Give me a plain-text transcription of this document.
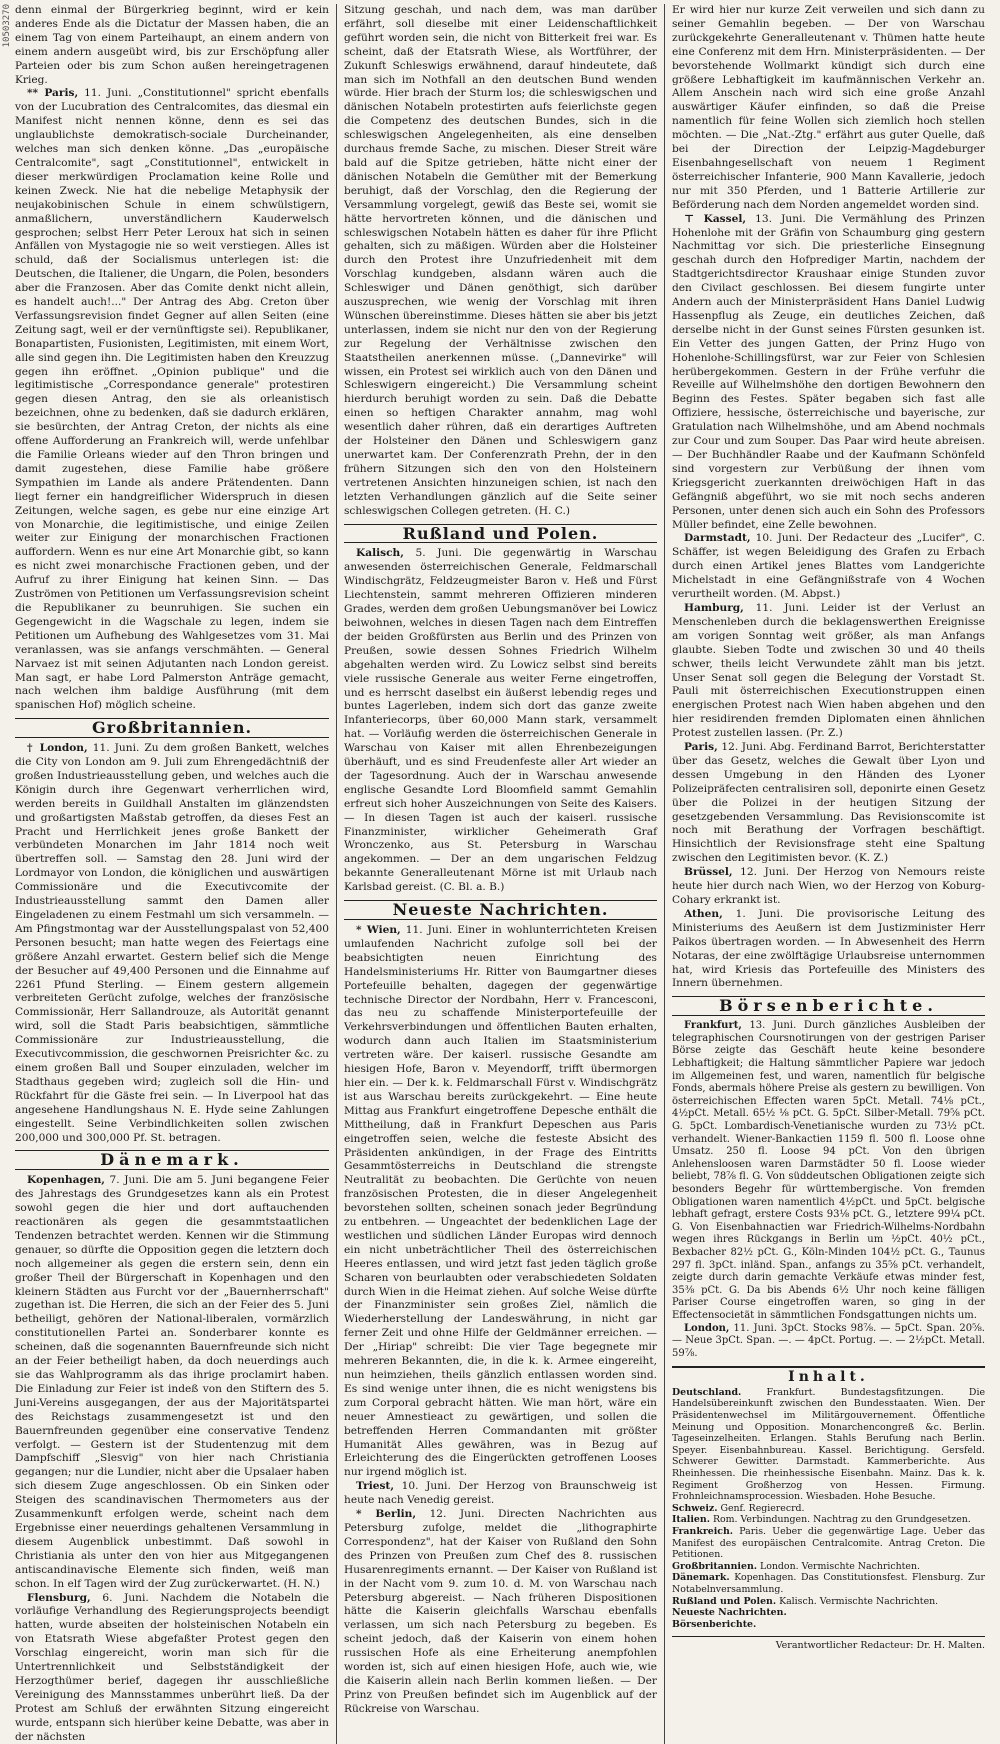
10503270 denn einmal der Bürgerkrieg beginnt, wird er kein anderes Ende als die Dictatur der Massen haben, die an einem Tag von einem Parteihaupt, an einem andern von einem andern ausgeübt wird, bis zur Erschöpfung aller Parteien oder bis zum Schon außen hereingetragenen Krieg.

** Paris, 11. Juni. „Constitutionnel" spricht ebenfalls von der Lucubration des Centralcomites, das diesmal ein Manifest nicht nennen könne, denn es sei das unglaublichste demokratisch-sociale Durcheinander, welches man sich denken könne. „Das „europäische Centralcomite", sagt „Constitutionnel", entwickelt in dieser merkwürdigen Proclamation keine Rolle und keinen Zweck. Nie hat die nebelige Metaphysik der neujakobinischen Schule in einem schwülstigern, anmaßlichern, unverständlichern Kauderwelsch gesprochen; selbst Herr Peter Leroux hat sich in seinen Anfällen von Mystagogie nie so weit verstiegen. Alles ist schuld, daß der Socialismus unterlegen ist: die Deutschen, die Italiener, die Ungarn, die Polen, besonders aber die Franzosen. Aber das Comite denkt nicht allein, es handelt auch!..." Der Antrag des Abg. Creton über Verfassungsrevision findet Gegner auf allen Seiten (eine Zeitung sagt, weil er der vernünftigste sei). Republikaner, Bonapartisten, Fusionisten, Legitimisten, mit einem Wort, alle sind gegen ihn. Die Legitimisten haben den Kreuzzug gegen ihn eröffnet. „Opinion publique" und die legitimistische „Correspondance generale" protestiren gegen diesen Antrag, den sie als orleanistisch bezeichnen, ohne zu bedenken, daß sie dadurch erklären, sie besürchten, der Antrag Creton, der nichts als eine offene Aufforderung an Frankreich will, werde unfehlbar die Familie Orleans wieder auf den Thron bringen und damit zugestehen, diese Familie habe größere Sympathien im Lande als andere Prätendenten. Dann liegt ferner ein handgreiflicher Widerspruch in diesen Zeitungen, welche sagen, es gebe nur eine einzige Art von Monarchie, die legitimistische, und einige Zeilen weiter zur Einigung der monarchischen Fractionen auffordern. Wenn es nur eine Art Monarchie gibt, so kann es nicht zwei monarchische Fractionen geben, und der Aufruf zu ihrer Einigung hat keinen Sinn. — Das Zuströmen von Petitionen um Verfassungsrevision scheint die Republikaner zu beunruhigen. Sie suchen ein Gegengewicht in die Wagschale zu legen, indem sie Petitionen um Aufhebung des Wahlgesetzes vom 31. Mai veranlassen, was sie anfangs verschmähten. — General Narvaez ist mit seinen Adjutanten nach London gereist. Man sagt, er habe Lord Palmerston Anträge gemacht, nach welchen ihm baldige Ausführung (mit dem spanischen Hof) möglich scheine.

Großbritannien.

† London, 11. Juni. Zu dem großen Bankett, welches die City von London am 9. Juli zum Ehrengedächtniß der großen Industrieausstellung geben, und welches auch die Königin durch ihre Gegenwart verherrlichen wird, werden bereits in Guildhall Anstalten im glänzendsten und großartigsten Maßstab getroffen, da dieses Fest an Pracht und Herrlichkeit jenes große Bankett der verbündeten Monarchen im Jahr 1814 noch weit übertreffen soll. — Samstag den 28. Juni wird der Lordmayor von London, die königlichen und auswärtigen Commissionäre und die Executivcomite der Industrieausstellung sammt den Damen aller Eingeladenen zu einem Festmahl um sich versammeln. — Am Pfingstmontag war der Ausstellungspalast von 52,400 Personen besucht; man hatte wegen des Feiertags eine größere Anzahl erwartet. Gestern belief sich die Menge der Besucher auf 49,400 Personen und die Einnahme auf 2261 Pfund Sterling. — Einem gestern allgemein verbreiteten Gerücht zufolge, welches der französische Commissionär, Herr Sallandrouze, als Autorität genannt wird, soll die Stadt Paris beabsichtigen, sämmtliche Commissionäre zur Industrieausstellung, die Executivcommission, die geschwornen Preisrichter &c. zu einem großen Ball und Souper einzuladen, welcher im Stadthaus gegeben wird; zugleich soll die Hin- und Rückfahrt für die Gäste frei sein. — In Liverpool hat das angesehene Handlungshaus N. E. Hyde seine Zahlungen eingestellt. Seine Verbindlichkeiten sollen zwischen 200,000 und 300,000 Pf. St. betragen.

Dänemark.

Kopenhagen, 7. Juni. Die am 5. Juni begangene Feier des Jahrestags des Grundgesetzes kann als ein Protest sowohl gegen die hier und dort auftauchenden reactionären als gegen die gesammtstaatlichen Tendenzen betrachtet werden. Kennen wir die Stimmung genauer, so dürfte die Opposition gegen die letztern doch noch allgemeiner als gegen die erstern sein, denn ein großer Theil der Bürgerschaft in Kopenhagen und den kleinern Städten aus Furcht vor der „Bauernherrschaft" zugethan ist. Die Herren, die sich an der Feier des 5. Juni betheiligt, gehören der National-liberalen, vormärzlich constitutionellen Partei an. Sonderbarer konnte es scheinen, daß die sogenannten Bauernfreunde sich nicht an der Feier betheiligt haben, da doch neuerdings auch sie das Wahlprogramm als das ihrige proclamirt haben. Die Einladung zur Feier ist indeß von den Stiftern des 5. Juni-Vereins ausgegangen, der aus der Majoritätspartei des Reichstags zusammengesetzt ist und den Bauernfreunden gegenüber eine conservative Tendenz verfolgt. — Gestern ist der Studentenzug mit dem Dampfschiff „Slesvig" von hier nach Christiania gegangen; nur die Lundier, nicht aber die Upsalaer haben sich diesem Zuge angeschlossen. Ob ein Sinken oder Steigen des scandinavischen Thermometers aus der Zusammenkunft erfolgen werde, scheint nach dem Ergebnisse einer neuerdings gehaltenen Versammlung in diesem Augenblick unbestimmt. Daß sowohl in Christiania als unter den von hier aus Mitgegangenen antiscandinavische Elemente sich finden, weiß man schon. In elf Tagen wird der Zug zurückerwartet. (H. N.)

Flensburg, 6. Juni. Nachdem die Notabeln die vorläufige Verhandlung des Regierungsprojects beendigt hatten, wurde abseiten der holsteinischen Notabeln ein von Etatsrath Wiese abgefaßter Protest gegen den Vorschlag eingereicht, worin man sich für die Untertrennlichkeit und Selbstständigkeit der Herzogthümer berief, dagegen ihr ausschließliche Vereinigung des Mannsstammes unberührt ließ. Da der Protest am Schluß der erwähnten Sitzung eingereicht wurde, entspann sich hierüber keine Debatte, was aber in der nächsten

Sitzung geschah, und nach dem, was man darüber erfährt, soll dieselbe mit einer Leidenschaftlichkeit geführt worden sein, die nicht von Bitterkeit frei war. Es scheint, daß der Etatsrath Wiese, als Wortführer, der Zukunft Schleswigs erwähnend, darauf hindeutete, daß man sich im Nothfall an den deutschen Bund wenden würde. Hier brach der Sturm los; die schleswigschen und dänischen Notabeln protestirten aufs feierlichste gegen die Competenz des deutschen Bundes, sich in die schleswigschen Angelegenheiten, als eine denselben durchaus fremde Sache, zu mischen. Dieser Streit wäre bald auf die Spitze getrieben, hätte nicht einer der dänischen Notabeln die Gemüther mit der Bemerkung beruhigt, daß der Vorschlag, den die Regierung der Versammlung vorgelegt, gewiß das Beste sei, womit sie hätte hervortreten können, und die dänischen und schleswigschen Notabeln hätten es daher für ihre Pflicht gehalten, sich zu mäßigen. Würden aber die Holsteiner durch den Protest ihre Unzufriedenheit mit dem Vorschlag kundgeben, alsdann wären auch die Schleswiger und Dänen genöthigt, sich darüber auszusprechen, wie wenig der Vorschlag mit ihren Wünschen übereinstimme. Dieses hätten sie aber bis jetzt unterlassen, indem sie nicht nur den von der Regierung zur Regelung der Verhältnisse zwischen den Staatstheilen anerkennen müsse. („Dannevirke" will wissen, ein Protest sei wirklich auch von den Dänen und Schleswigern eingereicht.) Die Versammlung scheint hierdurch beruhigt worden zu sein. Daß die Debatte einen so heftigen Charakter annahm, mag wohl wesentlich daher rühren, daß ein derartiges Auftreten der Holsteiner den Dänen und Schleswigern ganz unerwartet kam. Der Conferenzrath Prehn, der in den frühern Sitzungen sich den von den Holsteinern vertretenen Ansichten hinzuneigen schien, ist nach den letzten Verhandlungen gänzlich auf die Seite seiner schleswigschen Collegen getreten. (H. C.)

Rußland und Polen.

Kalisch, 5. Juni. Die gegenwärtig in Warschau anwesenden österreichischen Generale, Feldmarschall Windischgrätz, Feldzeugmeister Baron v. Heß und Fürst Liechtenstein, sammt mehreren Offizieren minderen Grades, werden dem großen Uebungsmanöver bei Lowicz beiwohnen, welches in diesen Tagen nach dem Eintreffen der beiden Großfürsten aus Berlin und des Prinzen von Preußen, sowie dessen Sohnes Friedrich Wilhelm abgehalten werden wird. Zu Lowicz selbst sind bereits viele russische Generale aus weiter Ferne eingetroffen, und es herrscht daselbst ein äußerst lebendig reges und buntes Lagerleben, indem sich dort das ganze zweite Infanteriecorps, über 60,000 Mann stark, versammelt hat. — Vorläufig werden die österreichischen Generale in Warschau von Kaiser mit allen Ehrenbezeigungen überhäuft, und es sind Freudenfeste aller Art wieder an der Tagesordnung. Auch der in Warschau anwesende englische Gesandte Lord Bloomfield sammt Gemahlin erfreut sich hoher Auszeichnungen von Seite des Kaisers. — In diesen Tagen ist auch der kaiserl. russische Finanzminister, wirklicher Geheimerath Graf Wronczenko, aus St. Petersburg in Warschau angekommen. — Der an dem ungarischen Feldzug bekannte Generalleutenant Mörne ist mit Urlaub nach Karlsbad gereist. (C. Bl. a. B.)

Neueste Nachrichten.

* Wien, 11. Juni. Einer in wohlunterrichteten Kreisen umlaufenden Nachricht zufolge soll bei der beabsichtigten neuen Einrichtung des Handelsministeriums Hr. Ritter von Baumgartner dieses Portefeuille behalten, dagegen der gegenwärtige technische Director der Nordbahn, Herr v. Francesconi, das neu zu schaffende Ministerportefeuille der Verkehrsverbindungen und öffentlichen Bauten erhalten, wodurch dann auch Italien im Staatsministerium vertreten wäre. Der kaiserl. russische Gesandte am hiesigen Hofe, Baron v. Meyendorff, trifft übermorgen hier ein. — Der k. k. Feldmarschall Fürst v. Windischgrätz ist aus Warschau bereits zurückgekehrt. — Eine heute Mittag aus Frankfurt eingetroffene Depesche enthält die Mittheilung, daß in Frankfurt Depeschen aus Paris eingetroffen seien, welche die festeste Absicht des Präsidenten ankündigen, in der Frage des Eintritts Gesammtösterreichs in Deutschland die strengste Neutralität zu beobachten. Die Gerüchte von neuen französischen Protesten, die in dieser Angelegenheit bevorstehen sollten, scheinen sonach jeder Begründung zu entbehren. — Ungeachtet der bedenklichen Lage der westlichen und südlichen Länder Europas wird dennoch ein nicht unbeträchtlicher Theil des österreichischen Heeres entlassen, und wird jetzt fast jeden täglich große Scharen von beurlaubten oder verabschiedeten Soldaten durch Wien in die Heimat ziehen. Auf solche Weise dürfte der Finanzminister sein großes Ziel, nämlich die Wiederherstellung der Landeswährung, in nicht gar ferner Zeit und ohne Hilfe der Geldmänner erreichen. — Der „Hiriap" schreibt: Die vier Tage begegnete mir mehreren Bekannten, die, in die k. k. Armee eingereiht, nun heimziehen, theils gänzlich entlassen worden sind. Es sind wenige unter ihnen, die es nicht wenigstens bis zum Corporal gebracht hätten. Wie man hört, wäre ein neuer Amnestieact zu gewärtigen, und sollen die betreffenden Herren Commandanten mit größter Humanität Alles gewähren, was in Bezug auf Erleichterung des die Eingerückten getroffenen Looses nur irgend möglich ist.

Triest, 10. Juni. Der Herzog von Braunschweig ist heute nach Venedig gereist.

* Berlin, 12. Juni. Directen Nachrichten aus Petersburg zufolge, meldet die „lithographirte Correspondenz", hat der Kaiser von Rußland den Sohn des Prinzen von Preußen zum Chef des 8. russischen Husarenregiments ernannt. — Der Kaiser von Rußland ist in der Nacht vom 9. zum 10. d. M. von Warschau nach Petersburg abgereist. — Nach früheren Dispositionen hätte die Kaiserin gleichfalls Warschau ebenfalls verlassen, um sich nach Petersburg zu begeben. Es scheint jedoch, daß der Kaiserin von einem hohen russischen Hofe als eine Erheiterung anempfohlen worden ist, sich auf einen hiesigen Hofe, auch wie, wie die Kaiserin allein nach Berlin kommen ließen. — Der Prinz von Preußen befindet sich im Augenblick auf der Rückreise von Warschau.

Er wird hier nur kurze Zeit verweilen und sich dann zu seiner Gemahlin begeben. — Der von Warschau zurückgekehrte Generalleutenant v. Thümen hatte heute eine Conferenz mit dem Hrn. Ministerpräsidenten. — Der bevorstehende Wollmarkt kündigt sich durch eine größere Lebhaftigkeit im kaufmännischen Verkehr an. Allem Anschein nach wird sich eine große Anzahl auswärtiger Käufer einfinden, so daß die Preise namentlich für feine Wollen sich ziemlich hoch stellen möchten. — Die „Nat.-Ztg." erfährt aus guter Quelle, daß bei der Direction der Leipzig-Magdeburger Eisenbahngesellschaft von neuem 1 Regiment österreichischer Infanterie, 900 Mann Kavallerie, jedoch nur mit 350 Pferden, und 1 Batterie Artillerie zur Beförderung nach dem Norden angemeldet worden sind.

⊤ Kassel, 13. Juni. Die Vermählung des Prinzen Hohenlohe mit der Gräfin von Schaumburg ging gestern Nachmittag vor sich. Die priesterliche Einsegnung geschah durch den Hofprediger Martin, nachdem der Stadtgerichtsdirector Kraushaar einige Stunden zuvor den Civilact geschlossen. Bei diesem fungirte unter Andern auch der Ministerpräsident Hans Daniel Ludwig Hassenpflug als Zeuge, ein deutliches Zeichen, daß derselbe nicht in der Gunst seines Fürsten gesunken ist. Ein Vetter des jungen Gatten, der Prinz Hugo von Hohenlohe-Schillingsfürst, war zur Feier von Schlesien herübergekommen. Gestern in der Frühe verfuhr die Reveille auf Wilhelmshöhe den dortigen Bewohnern den Beginn des Festes. Später begaben sich fast alle Offiziere, hessische, österreichische und bayerische, zur Gratulation nach Wilhelmshöhe, und am Abend nochmals zur Cour und zum Souper. Das Paar wird heute abreisen. — Der Buchhändler Raabe und der Kaufmann Schönfeld sind vorgestern zur Verbüßung der ihnen vom Kriegsgericht zuerkannten dreiwöchigen Haft in das Gefängniß abgeführt, wo sie mit noch sechs anderen Personen, unter denen sich auch ein Sohn des Professors Müller befindet, eine Zelle bewohnen.

Darmstadt, 10. Juni. Der Redacteur des „Lucifer", C. Schäffer, ist wegen Beleidigung des Grafen zu Erbach durch einen Artikel jenes Blattes vom Landgerichte Michelstadt in eine Gefängnißstrafe von 4 Wochen verurtheilt worden. (M. Abpst.)

Hamburg, 11. Juni. Leider ist der Verlust an Menschenleben durch die beklagenswerthen Ereignisse am vorigen Sonntag weit größer, als man Anfangs glaubte. Sieben Todte und zwischen 30 und 40 theils schwer, theils leicht Verwundete zählt man bis jetzt. Unser Senat soll gegen die Belegung der Vorstadt St. Pauli mit österreichischen Executionstruppen einen energischen Protest nach Wien haben abgehen und den hier residirenden fremden Diplomaten einen ähnlichen Protest zustellen lassen. (Pr. Z.)

Paris, 12. Juni. Abg. Ferdinand Barrot, Berichterstatter über das Gesetz, welches die Gewalt über Lyon und dessen Umgebung in den Händen des Lyoner Polizeipräfecten centralisiren soll, deponirte einen Gesetz über die Polizei in der heutigen Sitzung der gesetzgebenden Versammlung. Das Revisionscomite ist noch mit Berathung der Vorfragen beschäftigt. Hinsichtlich der Revisionsfrage steht eine Spaltung zwischen den Legitimisten bevor. (K. Z.)

Brüssel, 12. Juni. Der Herzog von Nemours reiste heute hier durch nach Wien, wo der Herzog von Koburg-Cohary erkrankt ist.

Athen, 1. Juni. Die provisorische Leitung des Ministeriums des Aeußern ist dem Justizminister Herr Paikos übertragen worden. — In Abwesenheit des Herrn Notaras, der eine zwölftägige Urlaubsreise unternommen hat, wird Kriesis das Portefeuille des Ministers des Innern übernehmen.

Börsenberichte.

Frankfurt, 13. Juni. Durch gänzliches Ausbleiben der telegraphischen Coursnotirungen von der gestrigen Pariser Börse zeigte das Geschäft heute keine besondere Lebhaftigkeit; die Haltung sämmtlicher Papiere war jedoch im Allgemeinen fest, und waren, namentlich für belgische Fonds, abermals höhere Preise als gestern zu bewilligen. Von österreichischen Effecten waren 5pCt. Metall. 74⅛ pCt., 4½pCt. Metall. 65½ ⅛ pCt. G. 5pCt. Silber-Metall. 79⅝ pCt. G. 5pCt. Lombardisch-Venetianische wurden zu 73½ pCt. verhandelt. Wiener-Bankactien 1159 fl. 500 fl. Loose ohne Umsatz. 250 fl. Loose 94 pCt. Von den übrigen Anlehensloosen waren Darmstädter 50 fl. Loose wieder beliebt, 78⅞ fl. G. Von süddeutschen Obligationen zeigte sich besonders Begehr für württembergische. Von fremden Obligationen waren namentlich 4½pCt. und 5pCt. belgische lebhaft gefragt, erstere Costs 93⅛ pCt. G., letztere 99¼ pCt. G. Von Eisenbahnactien war Friedrich-Wilhelms-Nordbahn wegen ihres Rückgangs in Berlin um ½pCt. 40½ pCt., Bexbacher 82½ pCt. G., Köln-Minden 104½ pCt. G., Taunus 297 fl. 3pCt. inländ. Span., anfangs zu 35⅝ pCt. verhandelt, zeigte durch darin gemachte Verkäufe etwas minder fest, 35⅜ pCt. G. Da bis Abends 6½ Uhr noch keine fälligen Pariser Course eingetroffen waren, so ging in der Effectensocietät in sämmtlichen Fondsgattungen nichts um.

London, 11. Juni. 3pCt. Stocks 98⅞. — 5pCt. Span. 20⅝. — Neue 3pCt. Span. —. — 4pCt. Portug. —. — 2½pCt. Metall. 59⅞.

Inhalt.

Deutschland. Frankfurt. Bundestagsfitzungen. Die Handelsübereinkunft zwischen den Bundesstaaten. Wien. Der Präsidentenwechsel im Militärgouvernement. Öffentliche Meinung und Opposition. Monarchencongreß &c. Berlin. Tageseinzelheiten. Erlangen. Stahls Berufung nach Berlin. Speyer. Eisenbahnbureau. Kassel. Berichtigung. Gersfeld. Schwerer Gewitter. Darmstadt. Kammerberichte. Aus Rheinhessen. Die rheinhessische Eisenbahn. Mainz. Das k. k. Regiment Großherzog von Hessen. Firmung. Frohnleichnamsprocession. Wiesbaden. Hohe Besuche.

Schweiz. Genf. Regierecrd.

Italien. Rom. Verbindungen. Nachtrag zu den Grundgesetzen.

Frankreich. Paris. Ueber die gegenwärtige Lage. Ueber das Manifest des europäischen Centralcomite. Antrag Creton. Die Petitionen.

Großbritannien. London. Vermischte Nachrichten.

Dänemark. Kopenhagen. Das Constitutionsfest. Flensburg. Zur Notabelnversammlung.

Rußland und Polen. Kalisch. Vermischte Nachrichten.

Neueste Nachrichten.

Börsenberichte.

Verantwortlicher Redacteur: Dr. H. Malten.
